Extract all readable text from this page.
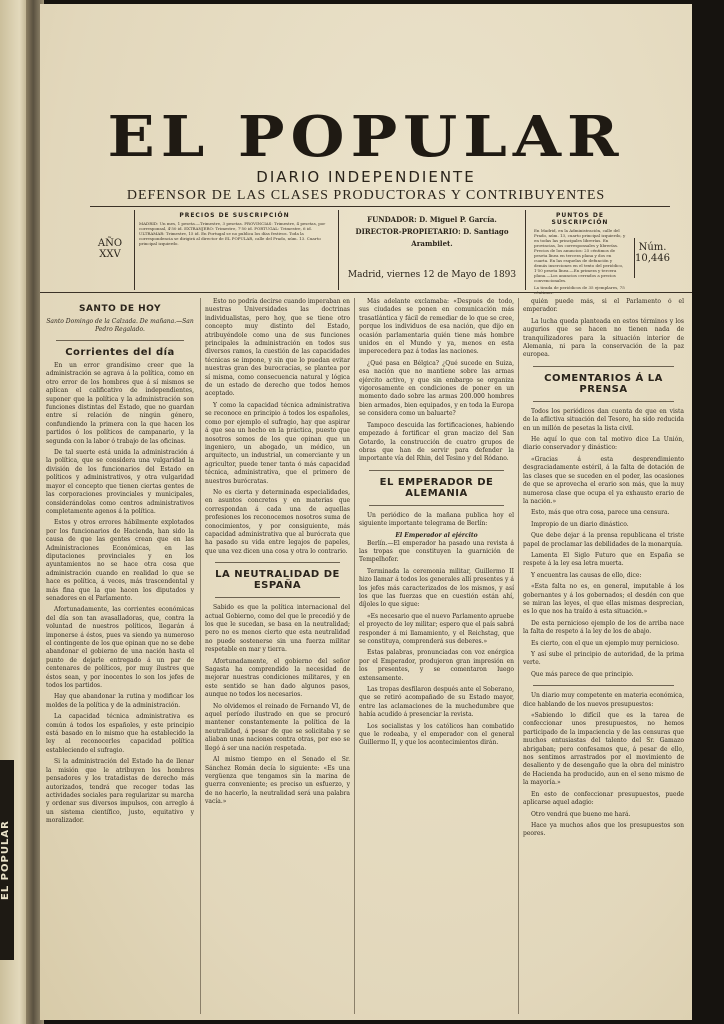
EL POPULAR
EL POPULAR
DIARIO INDEPENDIENTE
DEFENSOR DE LAS CLASES PRODUCTORAS Y CONTRIBUYENTES
AÑO XXV
PRECIOS DE SUSCRIPCIÓN
MADRID: Un mes, 1 peseta.—Trimestre, 3 pesetas. PROVINCIAS: Trimestre, 4 pesetas, por corresponsal, 4'50 id. EXTRANJERO: Trimestre, 7'50 id. PORTUGAL: Trimestre, 6 id. ULTRAMAR: Trimestre, 15 id. En Portugal se no publica los días festivos. Toda la correspondencia se dirigirá al director de EL POPULAR, calle del Prado, núm. 13. Cuarto principal izquierdo.
FUNDADOR: D. Miguel P. García.
DIRECTOR-PROPIETARIO: D. Santiago Arambilet.
Madrid, viernes 12 de Mayo de 1893
PUNTOS DE SUSCRIPCIÓN
En Madrid, en la Administración, calle del Prado, núm. 13, cuarto principal izquierdo, y en todas las principales librerías. En provincias, los corresponsales y librerías. Precios de los anuncios: 25 céntimos de peseta línea en tercera plana y dos en cuarta. En las esquelas de defunción y demás inserciones en el texto del periódico, 1'50 peseta línea.—En primera y tercera plana.—Los anuncios cerrados a precios convencionales.
La tirada de periódicos de 35 ejemplares, 75
Núm. 10,446
SANTO DE HOY
Santo Domingo de la Calzada. De mañana.—San Pedro Regalado.
Corrientes del día

En un error grandísimo creer que la administración se agrava á la política, como en otro error de los hombres que á sí mismos se aplican el calificativo de independientes, suponer que la política y la administración son funciones distintas del Estado, que no guardan entre sí relación de ningún género, confundiendo la primera con la que hacen los partidos ó los políticos de campanario, y la segunda con la labor ó trabajo de las oficinas.

De tal suerte está unida la administración á la política, que se considera una vulgaridad la división de los funcionarios del Estado en políticos y administrativos, y otra vulgaridad mayor el concepto que tienen ciertas gentes de las corporaciones provinciales y municipales, considerándolas como centros administrativos completamente agenos á la política.

Estos y otros errores hábilmente explotados por los funcionarios de Hacienda, han sido la causa de que las gentes crean que en las Administraciones Económicas, en las diputaciones provinciales y en los ayuntamientos no se hace otra cosa que administración cuando en realidad lo que se hace es política, á veces, más trascendental y más fina que la que hacen los diputados y senadores en el Parlamento.

Afortunadamente, las corrientes económicas del día son tan avasalladoras, que, contra la voluntad de nuestros políticos, llegarán á imponerse á éstos, pues va siendo ya numeroso el contingente de los que opinan que no se debe abandonar el gobierno de una nación hasta el punto de dejarle entregado á un par de centenares de políticos, por muy ilustres que éstos sean, y por inocentes lo son los jefes de todos los partidos.

Hay que abandonar la rutina y modificar los moldes de la política y de la administración.

La capacidad técnica administrativa es común á todos los españoles, y este principio está basado en lo mismo que ha establecido la ley al reconocerles capacidad política estableciendo el sufragio.

Si la administración del Estado ha de llenar la misión que le atribuyen los hombres pensadores y los tratadistas de derecho más autorizados, tendrá que recoger todas las actividades sociales para regularizar su marcha y ordenar sus diversos impulsos, con arreglo á un sistema científico, justo, equitativo y moralizador.

Esto no podría decirse cuando imperaban en nuestras Universidades las doctrinas individualistas, pero hoy, que se tiene otro concepto muy distinto del Estado, atribuyéndole como una de sus funciones principales la administración en todos sus diversos ramos, la cuestión de las capacidades técnicas se impone, y sin que lo puedan evitar nuestras gran des burocracias, se plantea por sí misma, como consecuencia natural y lógica de un estado de derecho que todos hemos aceptado.

Y como la capacidad técnica administrativa se reconoce en principio á todos los españoles, como por ejemplo el sufragio, hay que aspirar á que sea un hecho en la práctica, puesto que nosotros somos de los que opinan que un ingeniero, un abogado, un médico, un arquitecto, un industrial, un comerciante y un agricultor, puede tener tanta ó más capacidad técnica, administrativa, que el primero de nuestros burócratas.

No es cierta y determinada especialidades, en asuntos concretos y en materias que correspondan á cada una de aquellas profesiones los reconocemos nosotros suma de conocimientos, y por consiguiente, más capacidad administrativa que al burócrata que ha pasado su vida entre legajos de papeles, que una vez dicen una cosa y otra lo contrario.

LA NEUTRALIDAD DE ESPAÑA

Sabido es que la política internacional del actual Gobierno, como del que le precedió y de los que le sucedan, se basa en la neutralidad; pero no es menos cierto que esta neutralidad no puede sostenerse sin una fuerza militar respetable en mar y tierra.

Afortunadamente, el gobierno del señor Sagasta ha comprendido la necesidad de mejorar nuestras condiciones militares, y en este sentido se han dado algunos pasos, aunque no todos los necesarios.

No olvidemos el reinado de Fernando VI, de aquel período ilustrado en que se procuró mantener constantemente la política de la neutralidad, á pesar de que se solicitaba y se aliaban unas naciones contra otras, por eso se llegó á ser una nación respetada.

Al mismo tiempo en el Senado el Sr. Sánchez Román decía lo siguiente: «Es una vergüenza que tengamos sin la marina de guerra conveniente; es preciso un esfuerzo, y de no hacerlo, la neutralidad será una palabra vacía.»

Más adelante exclamaba: «Después de todo, sus ciudades se ponen en comunicación más trasatlántica y fácil de remediar de lo que se cree, porque los individuos de esa nación, que dijo en ocasión parlamentaria quién tiene más hombre unidos en el Mundo y ya, menos en esta imperecedera paz á todas las naciones.

¿Qué pasa en Bélgica? ¿Qué sucede en Suiza, esa nación que no mantiene sobre las armas ejército activo, y que sin embargo se organiza vigorosamente en condiciones de poner en un momento dado sobre las armas 200.000 hombres bien armados, bien equipados, y en toda la Europa se considera como un baluarte?

Tampoco descuida las fortificaciones, habiendo empezado á fortificar el gran macizo del San Gotardo, la construcción de cuatro grupos de obras que han de servir para defender la importante vía del Rhin, del Tesino y del Ródano.

EL EMPERADOR DE ALEMANIA

Un periódico de la mañana publica hoy el siguiente importante telegrama de Berlín:

El Emperador al ejército

Berlín.—El emperador ha pasado una revista á las tropas que constituyen la guarnición de Tempelhofer.

Terminada la ceremonia militar, Guillermo II hizo llamar á todos los generales allí presentes y á los jefes más caracterizados de los mismos, y así los que las fuerzas que en cuestión están ahí, díjoles lo que sigue:

«Es necesario que el nuevo Parlamento apruebe el proyecto de ley militar; espero que el país sabrá responder á mi llamamiento, y el Reichstag, que se constituya, comprenderá sus deberes.»

Estas palabras, pronunciadas con voz enérgica por el Emperador, produjeron gran impresión en los presentes, y se comentaron luego extensamente.

Las tropas desfilaron después ante el Soberano, que se retiró acompañado de su Estado mayor, entre las aclamaciones de la muchedumbre que había acudido á presenciar la revista.

Los socialistas y los católicos han combatido que le rodeaba, y el emperador con el general Guillermo II, y que los acontecimientos dirán.

quién puede más, si el Parlamento ó el emperador.

La lucha queda planteada en estos términos y los augurios que se hacen no tienen nada de tranquilizadores para la situación interior de Alemania, ni para la conservación de la paz europea.

COMENTARIOS Á LA PRENSA

Todos los periódicos dan cuenta de que en vista de la aflictiva situación del Tesoro, ha sido reducida en un millón de pesetas la lista civil.

He aquí lo que con tal motivo dice La Unión, diario conservador y dinástico:

«Gracias á esta desprendimiento desgraciadamente estéril, á la falta de dotación de las clases que se suceden en el poder, las ocasiones de que se aprovecha el erario son más, que la muy numerosa clase que ocupa el ya exhausto erario de la nación.»

Esto, más que otra cosa, parece una censura.

Impropio de un diario dinástico.

Que debe dejar á la prensa republicana el triste papel de proclamar las debilidades de la monarquía.

Lamenta El Siglo Futuro que en España se respete á la ley esa letra muerta.

Y encuentra las causas de ello, dice:

«Esta falta no es, en general, imputable á los gobernantes y á los gobernados; el desdén con que se miran las leyes, el que ellas mismas desprecian, es lo que nos ha traído á esta situación.»

De esta pernicioso ejemplo de los de arriba nace la falta de respeto á la ley de los de abajo.

Es cierto, con el que un ejemplo muy pernicioso.

Y así sube el principio de autoridad, de la prima verte.

Que más parece de que principio.

Un diario muy competente en materia económica, dice hablando de los nuevos presupuestos:

«Sabiendo lo difícil que es la tarea de confeccionar unos presupuestos, no hemos participado de la impaciencia y de las censuras que muchos entusiastas del talento del Sr. Gamazo abrigaban; pero confesamos que, á pesar de ello, nos sentimos arrastrados por el movimiento de desaliento y de desengaño que la obra del ministro de Hacienda ha producido, aun en el seno mismo de la mayoría.»

En esto de confeccionar presupuestos, puede aplicarse aquel adagio:

Otro vendrá que bueno me hará.

Hace ya muchos años que los presupuestos son peores.
